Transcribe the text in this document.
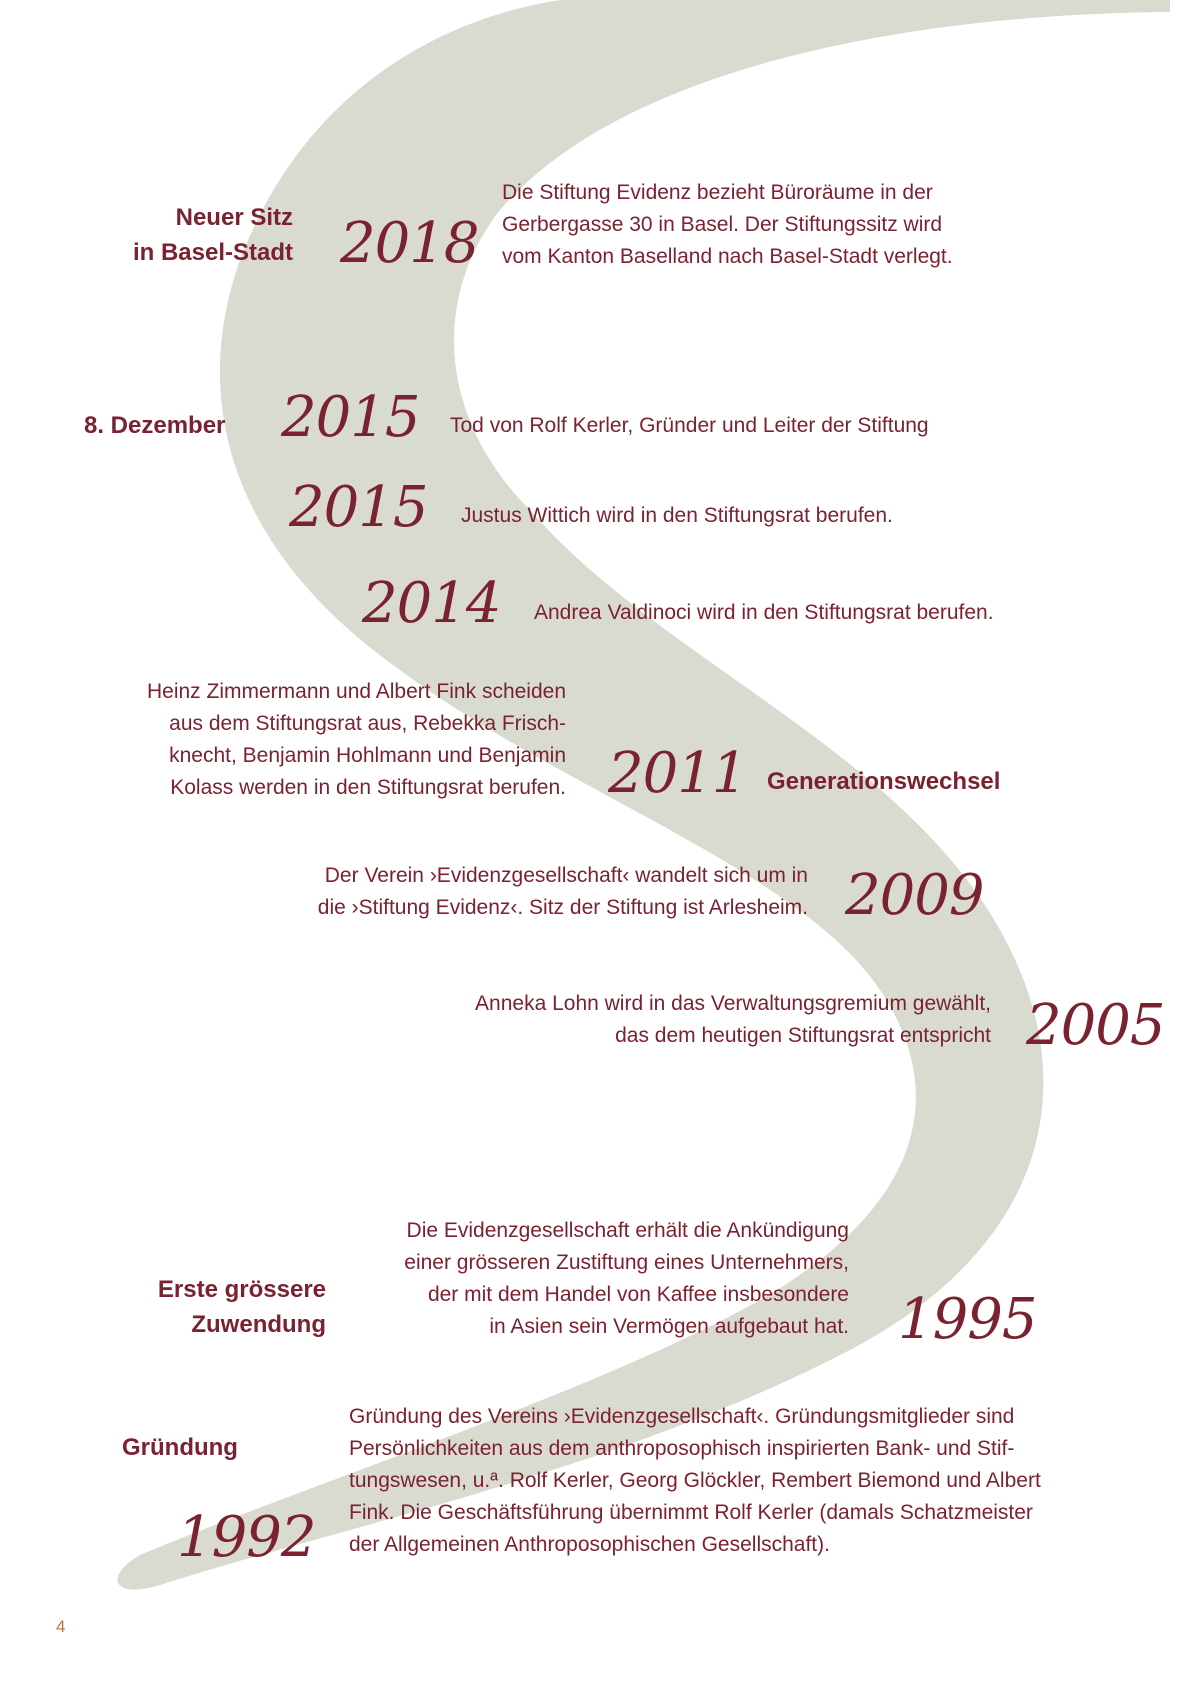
Neuer Sitz
in Basel-Stadt 2018
Die Stiftung Evidenz bezieht Büroräume in der
Gerbergasse 30 in Basel. Der Stiftungssitz wird
vom Kanton Baselland nach Basel-Stadt verlegt.
8. Dezember 2015 Tod von Rolf Kerler, Gründer und Leiter der Stiftung
2015 Justus Wittich wird in den Stiftungsrat berufen.
2014 Andrea Valdinoci wird in den Stiftungsrat berufen.
Heinz Zimmermann und Albert Fink scheiden
aus dem Stiftungsrat aus, Rebekka Frisch-
knecht, Benjamin Hohlmann und Benjamin
Kolass werden in den Stiftungsrat berufen. 2011 Generationswechsel
Der Verein ›Evidenzgesellschaft‹ wandelt sich um in
die ›Stiftung Evidenz‹. Sitz der Stiftung ist Arlesheim. 2009
Anneka Lohn wird in das Verwaltungsgremium gewählt,
das dem heutigen Stiftungsrat entspricht 2005
Erste grössere
Zuwendung
Die Evidenzgesellschaft erhält die Ankündigung
einer grösseren Zustiftung eines Unternehmers,
der mit dem Handel von Kaffee insbesondere
in Asien sein Vermögen aufgebaut hat. 1995
Gründung
1992
Gründung des Vereins ›Evidenzgesellschaft‹. Gründungsmitglieder sind
Persönlichkeiten aus dem anthroposophisch inspirierten Bank- und Stif-
tungswesen, u.ª. Rolf Kerler, Georg Glöckler, Rembert Biemond und Albert
Fink. Die Geschäftsführung übernimmt Rolf Kerler (damals Schatzmeister
der Allgemeinen Anthroposophischen Gesellschaft).
4
